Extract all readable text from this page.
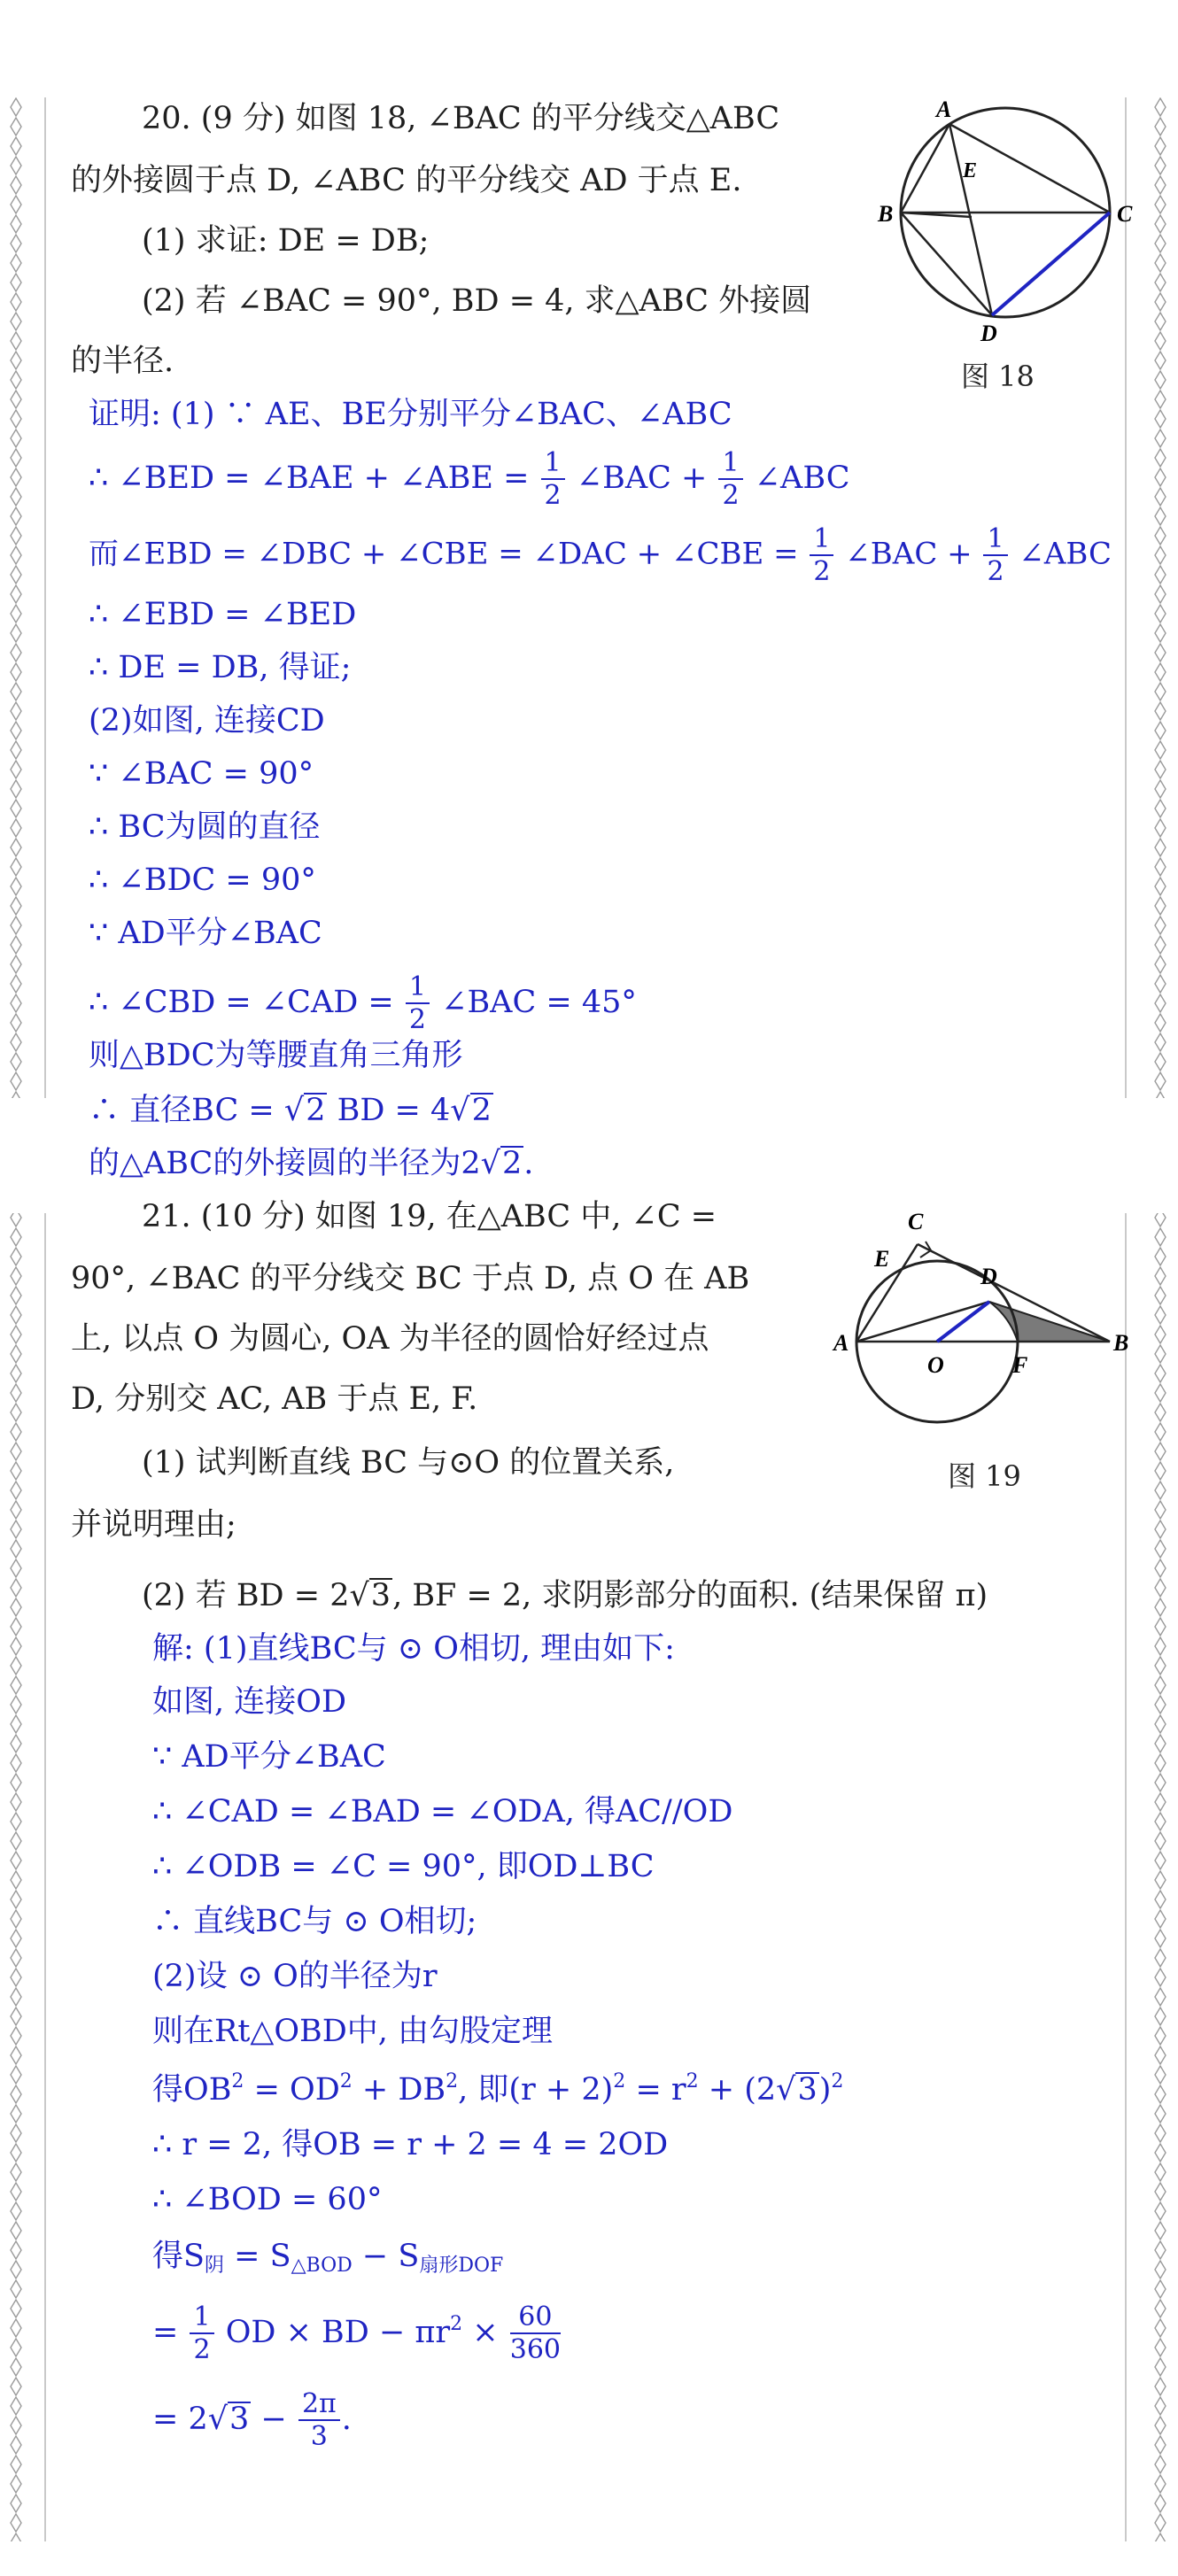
20. (9 分) 如图 18, ∠BAC 的平分线交△ABC
的外接圆于点 D, ∠ABC 的平分线交 AD 于点 E.
(1) 求证: DE = DB;
(2) 若 ∠BAC = 90°, BD = 4, 求△ABC 外接圆
的半径.
A
B	C
D
E
图 18
证明: (1) ∵ AE、BE分别平分∠BAC、∠ABC
∴ ∠BED = ∠BAE + ∠ABE = $\frac{1}{2}$ ∠BAC + $\frac{1}{2}$ ∠ABC
而∠EBD = ∠DBC + ∠CBE = ∠DAC + ∠CBE = $\frac{1}{2}$ ∠BAC + $\frac{1}{2}$ ∠ABC
∴ ∠EBD = ∠BED
∴ DE = DB, 得证;
(2)如图, 连接CD
∵ ∠BAC = 90°
∴ BC为圆的直径
∴ ∠BDC = 90°
∵ AD平分∠BAC
∴ ∠CBD = ∠CAD = $\frac{1}{2}$ ∠BAC = 45°
则△BDC为等腰直角三角形
∴ 直径BC = √2 BD = 4√2
的△ABC的外接圆的半径为2√2.
21. (10 分) 如图 19, 在△ABC 中, ∠C =
90°, ∠BAC 的平分线交 BC 于点 D, 点 O 在 AB
上, 以点 O 为圆心, OA 为半径的圆恰好经过点
D, 分别交 AC, AB 于点 E, F.
(1) 试判断直线 BC 与⊙O 的位置关系,
并说明理由;
(2) 若 BD = 2√3, BF = 2, 求阴影部分的面积. (结果保留 π)
C
E
D
A
O	F
B
图 19
解: (1)直线BC与 ⊙ O相切, 理由如下:
如图, 连接OD
∵ AD平分∠BAC
∴ ∠CAD = ∠BAD = ∠ODA, 得AC//OD
∴ ∠ODB = ∠C = 90°, 即OD⊥BC
∴ 直线BC与 ⊙ O相切;
(2)设 ⊙ O的半径为r
则在Rt△OBD中, 由勾股定理
得$OB^2 = OD^2 + DB^2$, 即$(r + 2)^2 = r^2 + (2√3)^2$
∴ r = 2, 得OB = r + 2 = 4 = 2OD
∴ ∠BOD = 60°
得$S_阴 = S_{\triangle BOD} - S_{扇形DOF}$
= $\frac{1}{2}$ OD × BD − $\pi r^2 \times \frac{60}{360}$
= $2√3 - \frac{2\pi}{3}$ .
